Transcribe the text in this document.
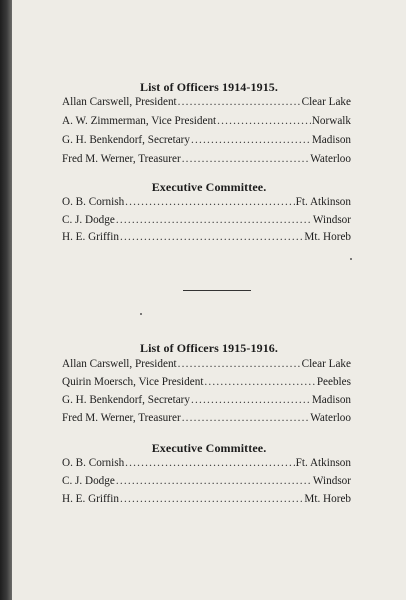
List of Officers 1914-1915.

Allan Carswell, President .....	Clear Lake
A. W. Zimmerman, Vice President .....	Norwalk
G. H. Benkendorf, Secretary .....	Madison
Fred M. Werner, Treasurer .....	Waterloo

Executive Committee.

O. B. Cornish .....	Ft. Atkinson
C. J. Dodge .....	Windsor
H. E. Griffin .....	Mt. Horeb

List of Officers 1915-1916.

Allan Carswell, President .....	Clear Lake
Quirin Moersch, Vice President .....	Peebles
G. H. Benkendorf, Secretary .....	Madison
Fred M. Werner, Treasurer .....	Waterloo

Executive Committee.

O. B. Cornish .....	Ft. Atkinson
C. J. Dodge .....	Windsor
H. E. Griffin .....	Mt. Horeb
